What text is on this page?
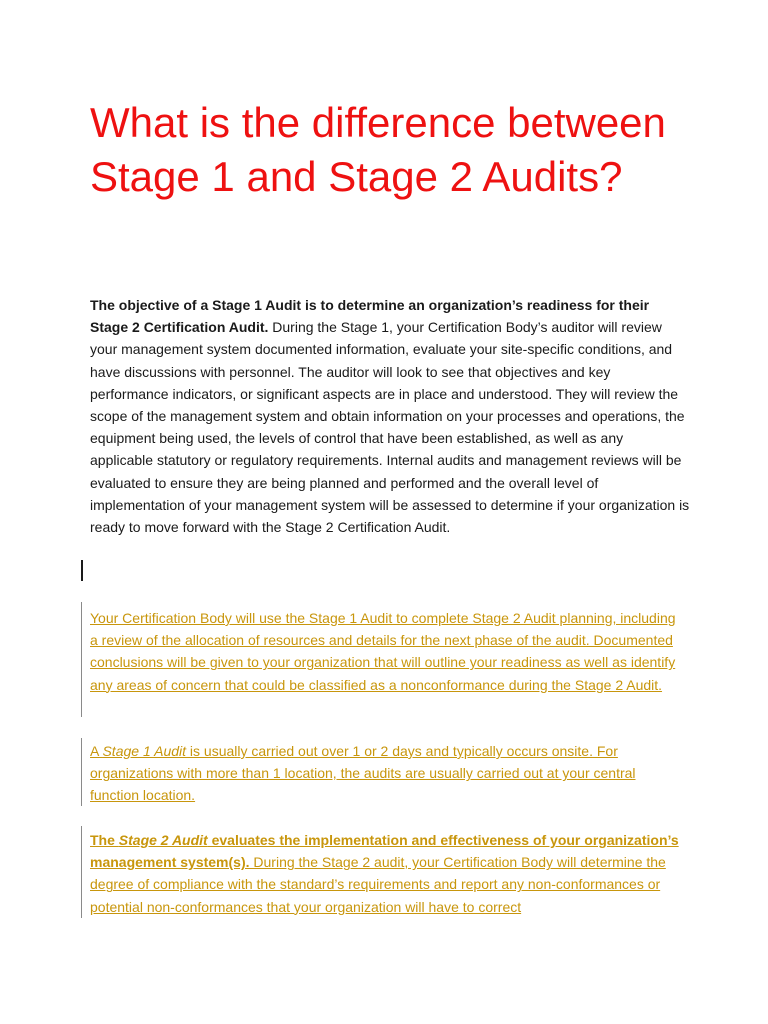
What is the difference between Stage 1 and Stage 2 Audits?

The objective of a Stage 1 Audit is to determine an organization’s readiness for their Stage 2 Certification Audit. During the Stage 1, your Certification Body’s auditor will review your management system documented information, evaluate your site-specific conditions, and have discussions with personnel. The auditor will look to see that objectives and key performance indicators, or significant aspects are in place and understood. They will review the scope of the management system and obtain information on your processes and operations, the equipment being used, the levels of control that have been established, as well as any applicable statutory or regulatory requirements. Internal audits and management reviews will be evaluated to ensure they are being planned and performed and the overall level of implementation of your management system will be assessed to determine if your organization is ready to move forward with the Stage 2 Certification Audit.

Your Certification Body will use the Stage 1 Audit to complete Stage 2 Audit planning, including a review of the allocation of resources and details for the next phase of the audit. Documented conclusions will be given to your organization that will outline your readiness as well as identify any areas of concern that could be classified as a nonconformance during the Stage 2 Audit.

A Stage 1 Audit is usually carried out over 1 or 2 days and typically occurs onsite. For organizations with more than 1 location, the audits are usually carried out at your central function location.

The Stage 2 Audit evaluates the implementation and effectiveness of your organization’s management system(s). During the Stage 2 audit, your Certification Body will determine the degree of compliance with the standard’s requirements and report any non-conformances or potential non-conformances that your organization will have to correct
